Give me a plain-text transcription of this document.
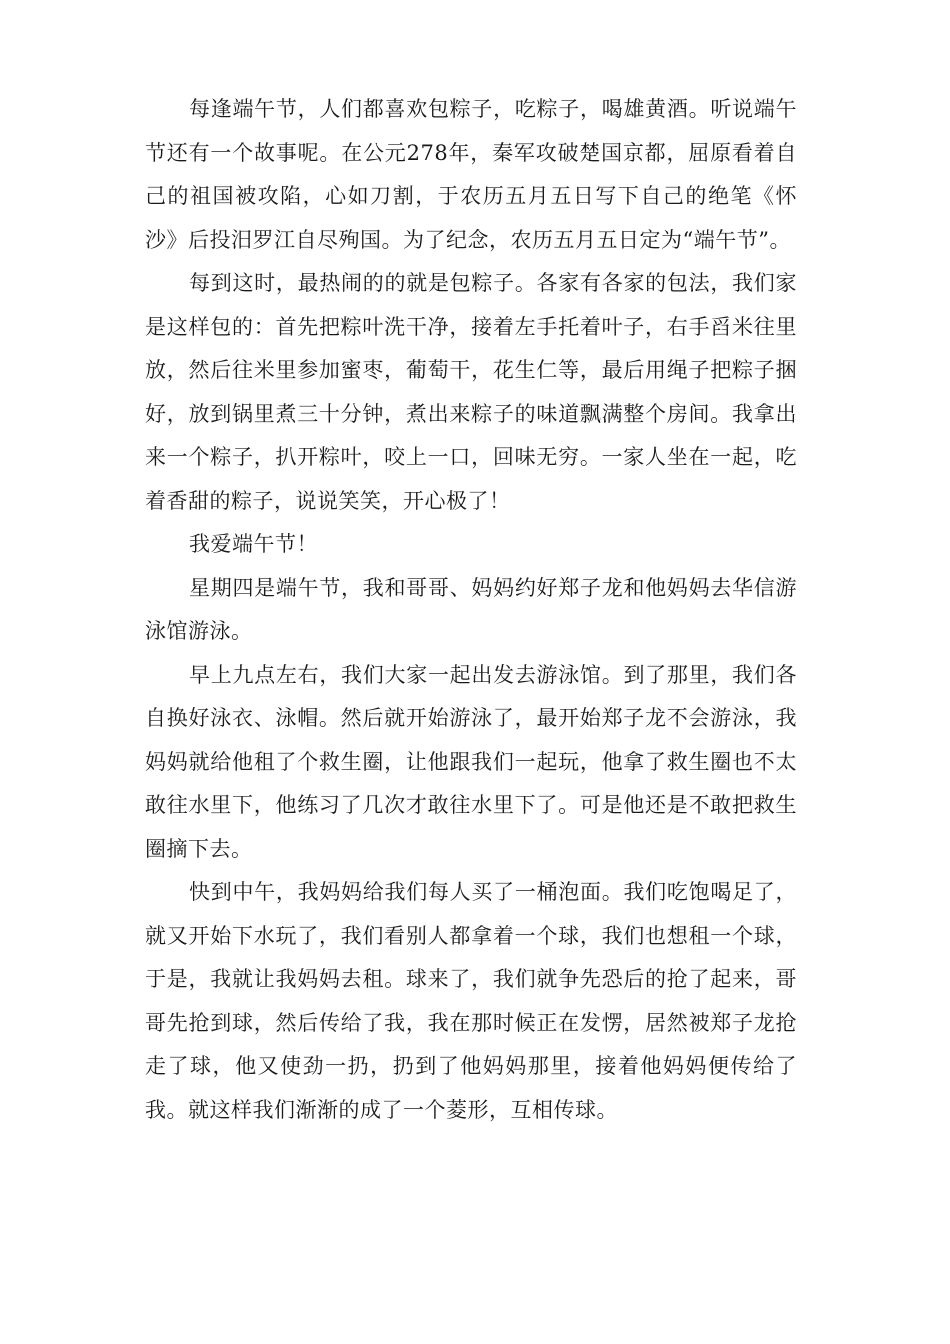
每逢端午节，人们都喜欢包粽子，吃粽子，喝雄黄酒。听说端午节还有一个故事呢。在公元278年，秦军攻破楚国京都，屈原看着自己的祖国被攻陷，心如刀割，于农历五月五日写下自己的绝笔《怀沙》后投汨罗江自尽殉国。为了纪念，农历五月五日定为“端午节”。

每到这时，最热闹的的就是包粽子。各家有各家的包法，我们家是这样包的：首先把粽叶洗干净，接着左手托着叶子，右手舀米往里放，然后往米里参加蜜枣，葡萄干，花生仁等，最后用绳子把粽子捆好，放到锅里煮三十分钟，煮出来粽子的味道飘满整个房间。我拿出来一个粽子，扒开粽叶，咬上一口，回味无穷。一家人坐在一起，吃着香甜的粽子，说说笑笑，开心极了！

我爱端午节！

星期四是端午节，我和哥哥、妈妈约好郑子龙和他妈妈去华信游泳馆游泳。

早上九点左右，我们大家一起出发去游泳馆。到了那里，我们各自换好泳衣、泳帽。然后就开始游泳了，最开始郑子龙不会游泳，我妈妈就给他租了个救生圈，让他跟我们一起玩，他拿了救生圈也不太敢往水里下，他练习了几次才敢往水里下了。可是他还是不敢把救生圈摘下去。

快到中午，我妈妈给我们每人买了一桶泡面。我们吃饱喝足了，就又开始下水玩了，我们看别人都拿着一个球，我们也想租一个球，于是，我就让我妈妈去租。球来了，我们就争先恐后的抢了起来，哥哥先抢到球，然后传给了我，我在那时候正在发愣，居然被郑子龙抢走了球，他又使劲一扔，扔到了他妈妈那里，接着他妈妈便传给了我。就这样我们渐渐的成了一个菱形，互相传球。
